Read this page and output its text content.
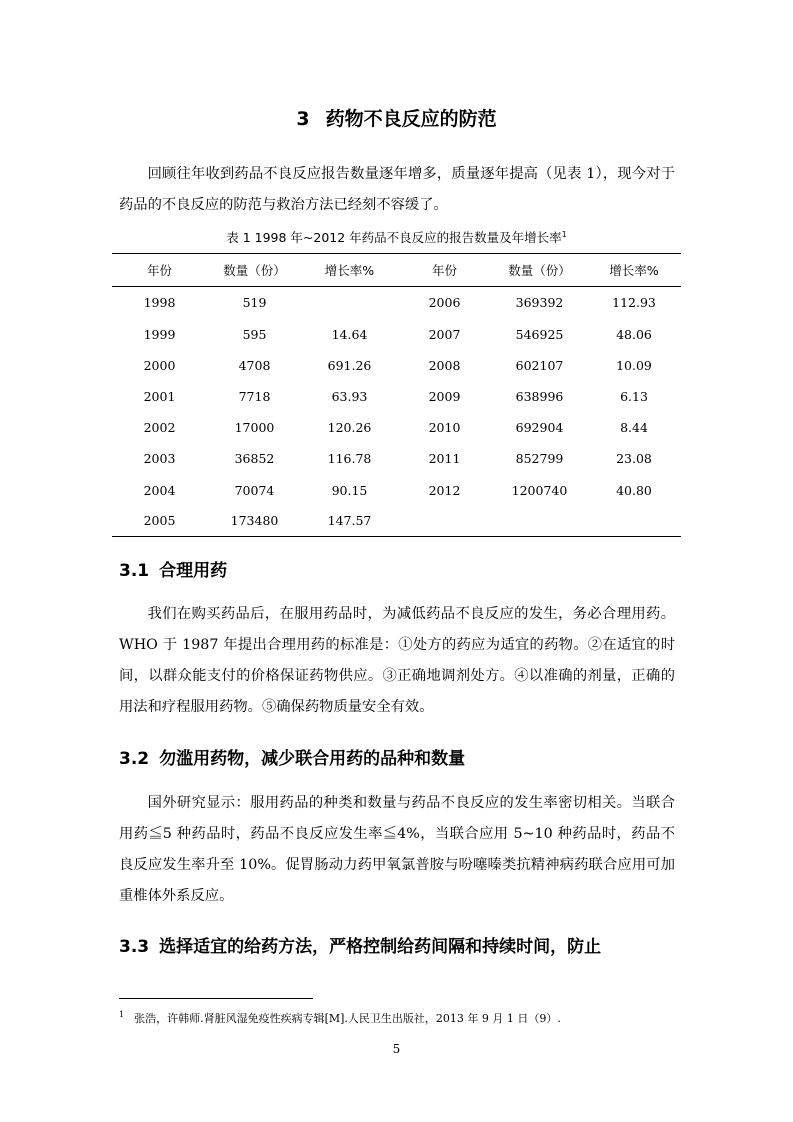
3 药物不良反应的防范

回顾往年收到药品不良反应报告数量逐年增多，质量逐年提高（见表 1），现今对于药品的不良反应的防范与救治方法已经刻不容缓了。

表 1 1998 年~2012 年药品不良反应的报告数量及年增长率$^1$
年份	数量（份）	增长率%	年份	数量（份）	增长率%
1998	519		2006	369392	112.93
1999	595	14.64	2007	546925	48.06
2000	4708	691.26	2008	602107	10.09
2001	7718	63.93	2009	638996	6.13
2002	17000	120.26	2010	692904	8.44
2003	36852	116.78	2011	852799	23.08
2004	70074	90.15	2012	1200740	40.80
2005	173480	147.57			
3.1 合理用药

我们在购买药品后，在服用药品时，为减低药品不良反应的发生，务必合理用药。WHO 于 1987 年提出合理用药的标准是：①处方的药应为适宜的药物。②在适宜的时间，以群众能支付的价格保证药物供应。③正确地调剂处方。④以准确的剂量，正确的用法和疗程服用药物。⑤确保药物质量安全有效。

3.2 勿滥用药物，减少联合用药的品种和数量

国外研究显示：服用药品的种类和数量与药品不良反应的发生率密切相关。当联合用药≦5 种药品时，药品不良反应发生率≦4%，当联合应用 5~10 种药品时，药品不良反应发生率升至 10%。促胃肠动力药甲氧氯普胺与吩噻嗪类抗精神病药联合应用可加重椎体外系反应。

3.3 选择适宜的给药方法，严格控制给药间隔和持续时间，防止
$^1$ 张浩，许韩师.肾脏风湿免疫性疾病专辑[M].人民卫生出版社，2013 年 9 月 1 日（9）.
5
